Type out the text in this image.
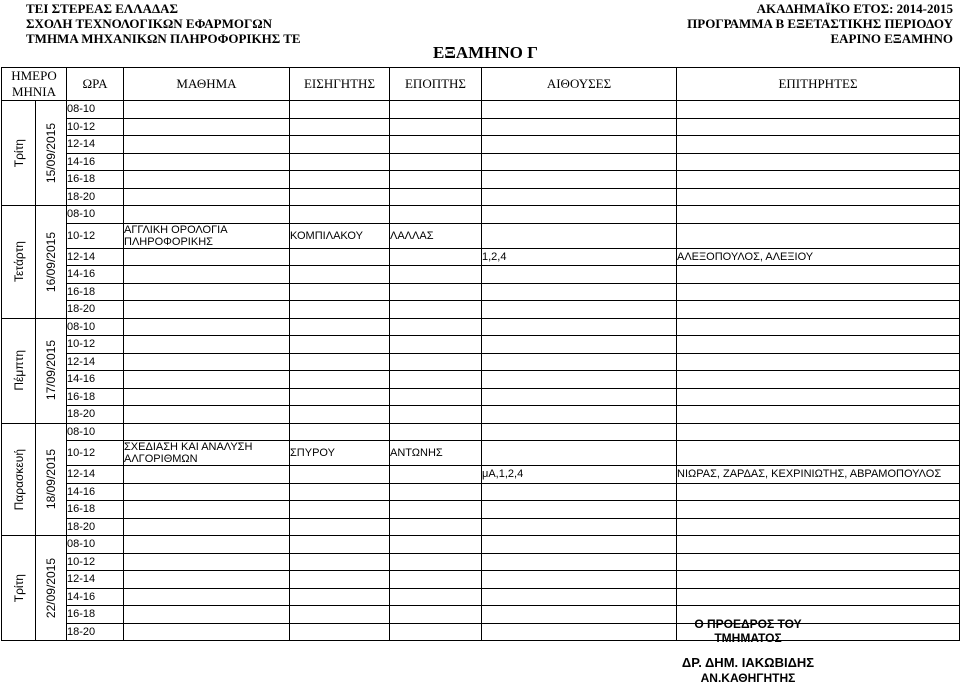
ΤΕΙ ΣΤΕΡΕΑΣ ΕΛΛΑΔΑΣ
ΣΧΟΛΗ ΤΕΧΝΟΛΟΓΙΚΩΝ ΕΦΑΡΜΟΓΩΝ
ΤΜΗΜΑ ΜΗΧΑΝΙΚΩΝ ΠΛΗΡΟΦΟΡΙΚΗΣ ΤΕ
ΑΚΑΔΗΜΑΪΚΟ ΕΤΟΣ: 2014-2015
ΠΡΟΓΡΑΜΜΑ Β ΕΞΕΤΑΣΤΙΚΗΣ ΠΕΡΙΟΔΟΥ
ΕΑΡΙΝΟ ΕΞΑΜΗΝΟ
ΕΞΑΜΗΝΟ Γ
ΗΜΕΡΟ ΜΗΝΙΑ		ΩΡΑ	ΜΑΘΗΜΑ	ΕΙΣΗΓΗΤΗΣ	ΕΠΟΠΤΗΣ	ΑΙΘΟΥΣΕΣ	ΕΠΙΤΗΡΗΤΕΣ

Τρίτη	15/09/2015	08-10					
		10-12					
		12-14					
		14-16					
		16-18					
		18-20					

Τετάρτη	16/09/2015	08-10					
		10-12	ΑΓΓΛΙΚΗ ΟΡΟΛΟΓΙΑ ΠΛΗΡΟΦΟΡΙΚΗΣ	ΚΟΜΠΙΛΑΚΟΥ	ΛΑΛΛΑΣ		
		12-14				1,2,4	ΑΛΕΞΟΠΟΥΛΟΣ, ΑΛΕΞΙΟΥ
		14-16					
		16-18					
		18-20					

Πέμπτη	17/09/2015	08-10					
		10-12					
		12-14					
		14-16					
		16-18					
		18-20					

Παρασκευή	18/09/2015	08-10					
		10-12	ΣΧΕΔΙΑΣΗ ΚΑΙ ΑΝΑΛΥΣΗ ΑΛΓΟΡΙΘΜΩΝ	ΣΠΥΡΟΥ	ΑΝΤΩΝΗΣ		
		12-14				μΑ,1,2,4	ΝΙΩΡΑΣ, ΖΑΡΔΑΣ, ΚΕΧΡΙΝΙΩΤΗΣ, ΑΒΡΑΜΟΠΟΥΛΟΣ
		14-16					
		16-18					
		18-20					

Τρίτη	22/09/2015	08-10					
		10-12					
		12-14					
		14-16					
		16-18					
		18-20					
Ο ΠΡΟΕΔΡΟΣ ΤΟΥ ΤΜΗΜΑΤΟΣ
ΔΡ. ΔΗΜ. ΙΑΚΩΒΙΔΗΣ
ΑΝ.ΚΑΘΗΓΗΤΗΣ
